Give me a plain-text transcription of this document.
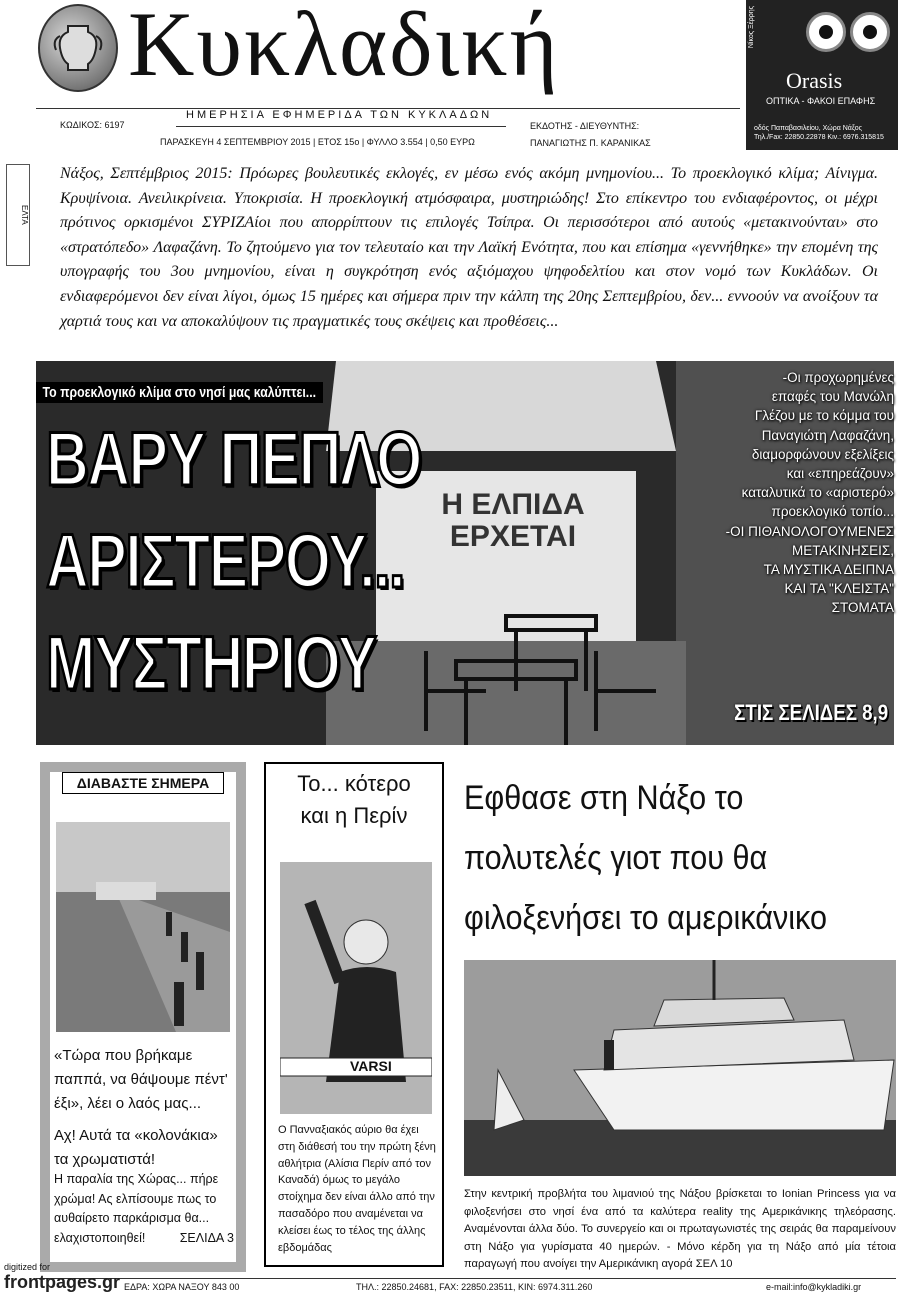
Κυκλαδική	Νίκος Ξέρρης
Orasis
ΟΠΤΙΚΑ - ΦΑΚΟΙ ΕΠΑΦΗΣ
οδός Παπαβασιλείου, Χώρα Νάξος
Τηλ./Fax: 22850.22878 Κιν.: 6976.315815
ΚΩΔΙΚΟΣ: 6197
ΗΜΕΡΗΣΙΑ ΕΦΗΜΕΡΙΔΑ ΤΩΝ ΚΥΚΛΑΔΩΝ
ΠΑΡΑΣΚΕΥΗ 4 ΣΕΠΤΕΜΒΡΙΟΥ 2015 | ΕΤΟΣ 15ο | ΦΥΛΛΟ 3.554 | 0,50 ΕΥΡΩ
ΕΚΔΟΤΗΣ - ΔΙΕΥΘΥΝΤΗΣ:
ΠΑΝΑΓΙΩΤΗΣ Π. ΚΑΡΑΝΙΚΑΣ
ΕΛΤΑ
Νάξος, Σεπτέμβριος 2015: Πρόωρες βουλευτικές εκλογές, εν μέσω ενός ακόμη μνημονίου... Το προεκλογικό κλίμα; Αίνιγμα. Κρυψίνοια. Ανειλικρίνεια. Υποκρισία. Η προεκλογική ατμόσφαιρα, μυστηριώδης! Στο επίκεντρο του ενδιαφέροντος, οι μέχρι πρότινος ορκισμένοι ΣΥΡΙΖΑίοι που απορρίπτουν τις επιλογές Τσίπρα. Οι περισσότεροι από αυτούς «μετακινούνται» στο «στρατόπεδο» Λαφαζάνη. Το ζητούμενο για τον τελευταίο και την Λαϊκή Ενότητα, που και επίσημα «γεννήθηκε» την επομένη της υπογραφής του 3ου μνημονίου, είναι η συγκρότηση ενός αξιόμαχου ψηφοδελτίου και στον νομό των Κυκλάδων. Οι ενδιαφερόμενοι δεν είναι λίγοι, όμως 15 ημέρες και σήμερα πριν την κάλπη της 20ης Σεπτεμβρίου, δεν... εννοούν να ανοίξουν τα χαρτιά τους και να αποκαλύψουν τις πραγματικές τους σκέψεις και προθέσεις...
Η ΕΛΠΙΔΑ ΕΡΧΕΤΑΙ
Το προεκλογικό κλίμα στο νησί μας καλύπτει...
ΒΑΡΥ ΠΕΠΛΟ
ΑΡΙΣΤΕΡΟΥ...
ΜΥΣΤΗΡΙΟΥ
-Οι προχωρημένες
επαφές του Μανώλη
Γλέζου με το κόμμα του
Παναγιώτη Λαφαζάνη,
διαμορφώνουν εξελίξεις
και «επηρεάζουν»
καταλυτικά το «αριστερό»
προεκλογικό τοπίο...
-ΟΙ ΠΙΘΑΝΟΛΟΓΟΥΜΕΝΕΣ
ΜΕΤΑΚΙΝΗΣΕΙΣ,
ΤΑ ΜΥΣΤΙΚΑ ΔΕΙΠΝΑ
ΚΑΙ ΤΑ "ΚΛΕΙΣΤΑ"
ΣΤΟΜΑΤΑ
ΣΤΙΣ ΣΕΛΙΔΕΣ 8,9
ΔΙΑΒΑΣΤΕ ΣΗΜΕΡΑ
«Τώρα που βρήκαμε παππά, να θάψουμε πέντ' έξι», λέει ο λαός μας...
Αχ! Αυτά τα «κολονάκια» τα χρωματιστά!
Η παραλία της Χώρας... πήρε χρώμα! Ας ελπίσουμε πως το αυθαίρετο παρκάρισμα θα... ελαχιστοποιηθεί!	ΣΕΛΙΔΑ 3
Το... κότερο
και η Περίν
VARSI
Ο Πανναξιακός αύριο θα έχει στη διάθεσή του την πρώτη ξένη αθλήτρια (Αλίσια Περίν από τον Καναδά) όμως το μεγάλο στοίχημα δεν είναι άλλο από την πασαδόρο που αναμένεται να κλείσει έως το τέλος της άλλης εβδομάδας
Εφθασε στη Νάξο το πολυτελές γιοτ που θα φιλοξενήσει το αμερικάνικο
Στην κεντρική προβλήτα του λιμανιού της Νάξου βρίσκεται το Ionian Princess για να φιλοξενήσει στο νησί ένα από τα καλύτερα reality της Αμερικάνικης τηλεόρασης. Αναμένονται άλλα δύο. Το συνεργείο και οι πρωταγωνιστές της σειράς θα παραμείνουν στη Νάξο για γυρίσματα 40 ημερών. - Μόνο κέρδη για τη Νάξο από μία τέτοια παραγωγή που ανοίγει την Αμερικάνικη αγορά ΣΕΛ 10
digitized for
frontpages.gr ΕΔΡΑ: ΧΩΡΑ ΝΑΞΟΥ 843 00	ΤΗΛ.: 22850.24681, FAX: 22850.23511, ΚΙΝ: 6974.311.260	e-mail:info@kykladiki.gr
